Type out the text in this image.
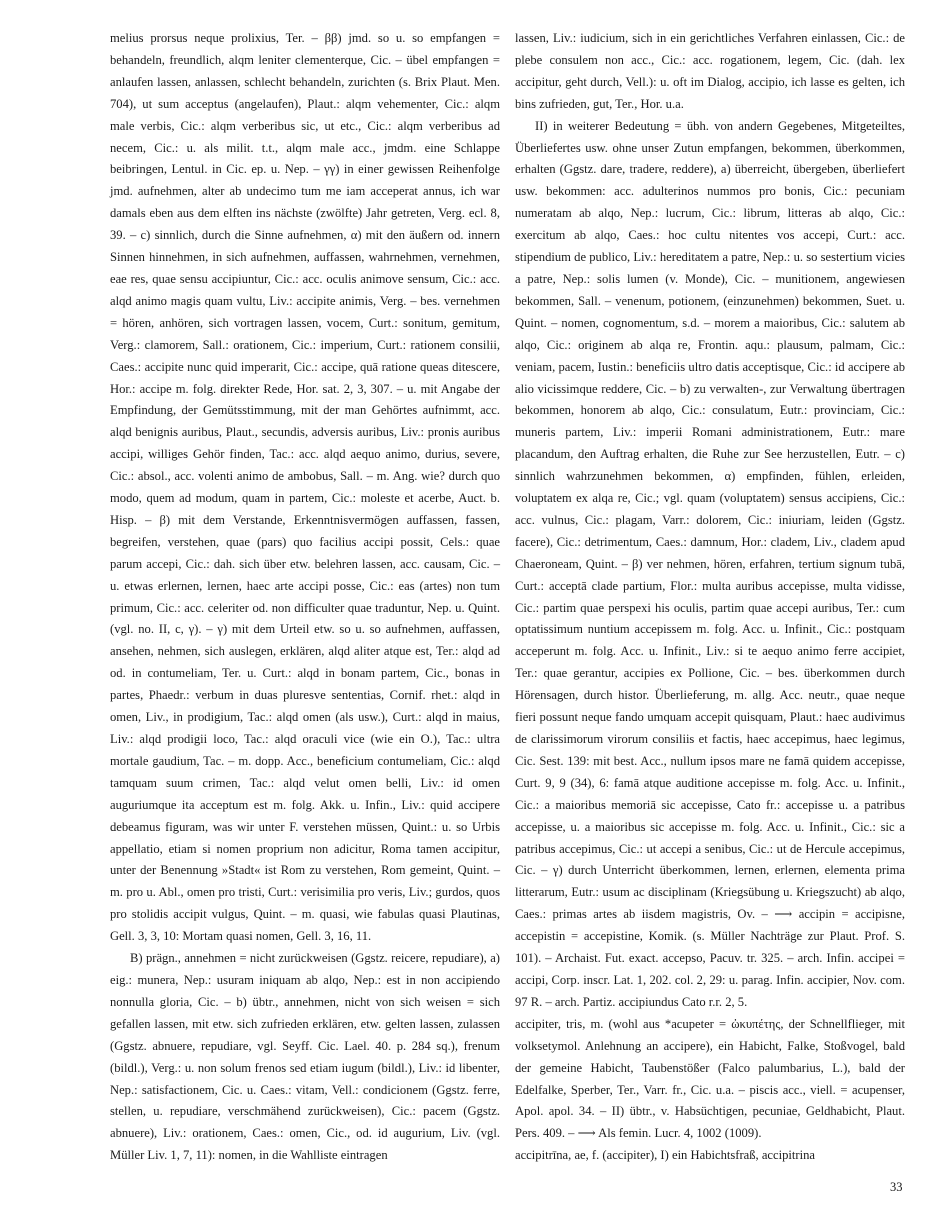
melius prorsus neque prolixius, Ter. – ββ) jmd. so u. so empfangen = behandeln, freundlich, alqm leniter clementerque, Cic. – übel empfangen = anlaufen lassen, anlassen, schlecht behandeln, zurichten (s. Brix Plaut. Men. 704), ut sum acceptus (angelaufen), Plaut.: alqm vehementer, Cic.: alqm male verbis, Cic.: alqm verberibus sic, ut etc., Cic.: alqm verberibus ad necem, Cic.: u. als milit. t.t., alqm male acc., jmdm. eine Schlappe beibringen, Lentul. in Cic. ep. u. Nep. – γγ) in einer gewissen Reihenfolge jmd. aufnehmen, alter ab undecimo tum me iam acceperat annus, ich war damals eben aus dem elften ins nächste (zwölfte) Jahr getreten, Verg. ecl. 8, 39. – c) sinnlich, durch die Sinne aufnehmen, α) mit den äußern od. innern Sinnen hinnehmen, in sich aufnehmen, auffassen, wahrnehmen, vernehmen, eae res, quae sensu accipiuntur, Cic.: acc. oculis animove sensum, Cic.: acc. alqd animo magis quam vultu, Liv.: accipite animis, Verg. – bes. vernehmen = hören, anhören, sich vortragen lassen, vocem, Curt.: sonitum, gemitum, Verg.: clamorem, Sall.: orationem, Cic.: imperium, Curt.: rationem consilii, Caes.: accipite nunc quid imperarit, Cic.: accipe, quā ratione queas ditescere, Hor.: accipe m. folg. direkter Rede, Hor. sat. 2, 3, 307. – u. mit Angabe der Empfindung, der Gemütsstimmung, mit der man Gehörtes aufnimmt, acc. alqd benignis auribus, Plaut., secundis, adversis auribus, Liv.: pronis auribus accipi, williges Gehör finden, Tac.: acc. alqd aequo animo, durius, severe, Cic.: absol., acc. volenti animo de ambobus, Sall. – m. Ang. wie? durch quo modo, quem ad modum, quam in partem, Cic.: moleste et acerbe, Auct. b. Hisp. – β) mit dem Verstande, Erkenntnisvermögen auffassen, fassen, begreifen, verstehen, quae (pars) quo facilius accipi possit, Cels.: quae parum accepi, Cic.: dah. sich über etw. belehren lassen, acc. causam, Cic. – u. etwas erlernen, lernen, haec arte accipi posse, Cic.: eas (artes) non tum primum, Cic.: acc. celeriter od. non difficulter quae traduntur, Nep. u. Quint. (vgl. no. II, c, γ). – γ) mit dem Urteil etw. so u. so aufnehmen, auffassen, ansehen, nehmen, sich auslegen, erklären, alqd aliter atque est, Ter.: alqd ad od. in contumeliam, Ter. u. Curt.: alqd in bonam partem, Cic., bonas in partes, Phaedr.: verbum in duas pluresve sententias, Cornif. rhet.: alqd in omen, Liv., in prodigium, Tac.: alqd omen (als usw.), Curt.: alqd in maius, Liv.: alqd prodigii loco, Tac.: alqd oraculi vice (wie ein O.), Tac.: ultra mortale gaudium, Tac. – m. dopp. Acc., beneficium contumeliam, Cic.: alqd tamquam suum crimen, Tac.: alqd velut omen belli, Liv.: id omen auguriumque ita acceptum est m. folg. Akk. u. Infin., Liv.: quid accipere debeamus figuram, was wir unter F. verstehen müssen, Quint.: u. so Urbis appellatio, etiam si nomen proprium non adicitur, Roma tamen accipitur, unter der Benennung »Stadt« ist Rom zu verstehen, Rom gemeint, Quint. – m. pro u. Abl., omen pro tristi, Curt.: verisimilia pro veris, Liv.; gurdos, quos pro stolidis accipit vulgus, Quint. – m. quasi, wie fabulas quasi Plautinas, Gell. 3, 3, 10: Mortam quasi nomen, Gell. 3, 16, 11.

B) prägn., annehmen = nicht zurückweisen (Ggstz. reicere, repudiare), a) eig.: munera, Nep.: usuram iniquam ab alqo, Nep.: est in non accipiendo nonnulla gloria, Cic. – b) übtr., annehmen, nicht von sich weisen = sich gefallen lassen, mit etw. sich zufrieden erklären, etw. gelten lassen, zulassen (Ggstz. abnuere, repudiare, vgl. Seyff. Cic. Lael. 40. p. 284 sq.), frenum (bildl.), Verg.: u. non solum frenos sed etiam iugum (bildl.), Liv.: id libenter, Nep.: satisfactionem, Cic. u. Caes.: vitam, Vell.: condicionem (Ggstz. ferre, stellen, u. repudiare, verschmähend zurückweisen), Cic.: pacem (Ggstz. abnuere), Liv.: orationem, Caes.: omen, Cic., od. id augurium, Liv. (vgl. Müller Liv. 1, 7, 11): nomen, in die Wahlliste eintragen

lassen, Liv.: iudicium, sich in ein gerichtliches Verfahren einlassen, Cic.: de plebe consulem non acc., Cic.: acc. rogationem, legem, Cic. (dah. lex accipitur, geht durch, Vell.): u. oft im Dialog, accipio, ich lasse es gelten, ich bins zufrieden, gut, Ter., Hor. u.a.

II) in weiterer Bedeutung = übh. von andern Gegebenes, Mitgeteiltes, Überliefertes usw. ohne unser Zutun empfangen, bekommen, überkommen, erhalten (Ggstz. dare, tradere, reddere), a) überreicht, übergeben, überliefert usw. bekommen: acc. adulterinos nummos pro bonis, Cic.: pecuniam numeratam ab alqo, Nep.: lucrum, Cic.: librum, litteras ab alqo, Cic.: exercitum ab alqo, Caes.: hoc cultu nitentes vos accepi, Curt.: acc. stipendium de publico, Liv.: hereditatem a patre, Nep.: u. so sestertium vicies a patre, Nep.: solis lumen (v. Monde), Cic. – munitionem, angewiesen bekommen, Sall. – venenum, potionem, (einzunehmen) bekommen, Suet. u. Quint. – nomen, cognomentum, s.d. – morem a maioribus, Cic.: salutem ab alqo, Cic.: originem ab alqa re, Frontin. aqu.: plausum, palmam, Cic.: veniam, pacem, Iustin.: beneficiis ultro datis acceptisque, Cic.: id accipere ab alio vicissimque reddere, Cic. – b) zu verwalten-, zur Verwaltung übertragen bekommen, honorem ab alqo, Cic.: consulatum, Eutr.: provinciam, Cic.: muneris partem, Liv.: imperii Romani administrationem, Eutr.: mare placandum, den Auftrag erhalten, die Ruhe zur See herzustellen, Eutr. – c) sinnlich wahrzunehmen bekommen, α) empfinden, fühlen, erleiden, voluptatem ex alqa re, Cic.; vgl. quam (voluptatem) sensus accipiens, Cic.: acc. vulnus, Cic.: plagam, Varr.: dolorem, Cic.: iniuriam, leiden (Ggstz. facere), Cic.: detrimentum, Caes.: damnum, Hor.: cladem, Liv., cladem apud Chaeroneam, Quint. – β) ver nehmen, hören, erfahren, tertium signum tubā, Curt.: acceptā clade partium, Flor.: multa auribus accepisse, multa vidisse, Cic.: partim quae perspexi his oculis, partim quae accepi auribus, Ter.: cum optatissimum nuntium accepissem m. folg. Acc. u. Infinit., Cic.: postquam acceperunt m. folg. Acc. u. Infinit., Liv.: si te aequo animo ferre accipiet, Ter.: quae gerantur, accipies ex Pollione, Cic. – bes. überkommen durch Hörensagen, durch histor. Überlieferung, m. allg. Acc. neutr., quae neque fieri possunt neque fando umquam accepit quisquam, Plaut.: haec audivimus de clarissimorum virorum consiliis et factis, haec accepimus, haec legimus, Cic. Sest. 139: mit best. Acc., nullum ipsos mare ne famā quidem accepisse, Curt. 9, 9 (34), 6: famā atque auditione accepisse m. folg. Acc. u. Infinit., Cic.: a maioribus memoriā sic accepisse, Cato fr.: accepisse u. a patribus accepisse, u. a maioribus sic accepisse m. folg. Acc. u. Infinit., Cic.: sic a patribus accepimus, Cic.: ut accepi a senibus, Cic.: ut de Hercule accepimus, Cic. – γ) durch Unterricht überkommen, lernen, erlernen, elementa prima litterarum, Eutr.: usum ac disciplinam (Kriegsübung u. Kriegszucht) ab alqo, Caes.: primas artes ab iisdem magistris, Ov. – ⟶ accipin = accipisne, accepistin = accepistine, Komik. (s. Müller Nachträge zur Plaut. Prof. S. 101). – Archaist. Fut. exact. accepso, Pacuv. tr. 325. – arch. Infin. accipei = accipi, Corp. inscr. Lat. 1, 202. col. 2, 29: u. parag. Infin. accipier, Nov. com. 97 R. – arch. Partiz. accipiundus Cato r.r. 2, 5.

accipiter, tris, m. (wohl aus *acupeter = ὠκυπέτης, der Schnellflieger, mit volksetymol. Anlehnung an accipere), ein Habicht, Falke, Stoßvogel, bald der gemeine Habicht, Taubenstößer (Falco palumbarius, L.), bald der Edelfalke, Sperber, Ter., Varr. fr., Cic. u.a. – piscis acc., viell. = acupenser, Apol. apol. 34. – II) übtr., v. Habsüchtigen, pecuniae, Geldhabicht, Plaut. Pers. 409. – ⟶ Als femin. Lucr. 4, 1002 (1009).

accipitrīna, ae, f. (accipiter), I) ein Habichtsfraß, accipitrina

33
